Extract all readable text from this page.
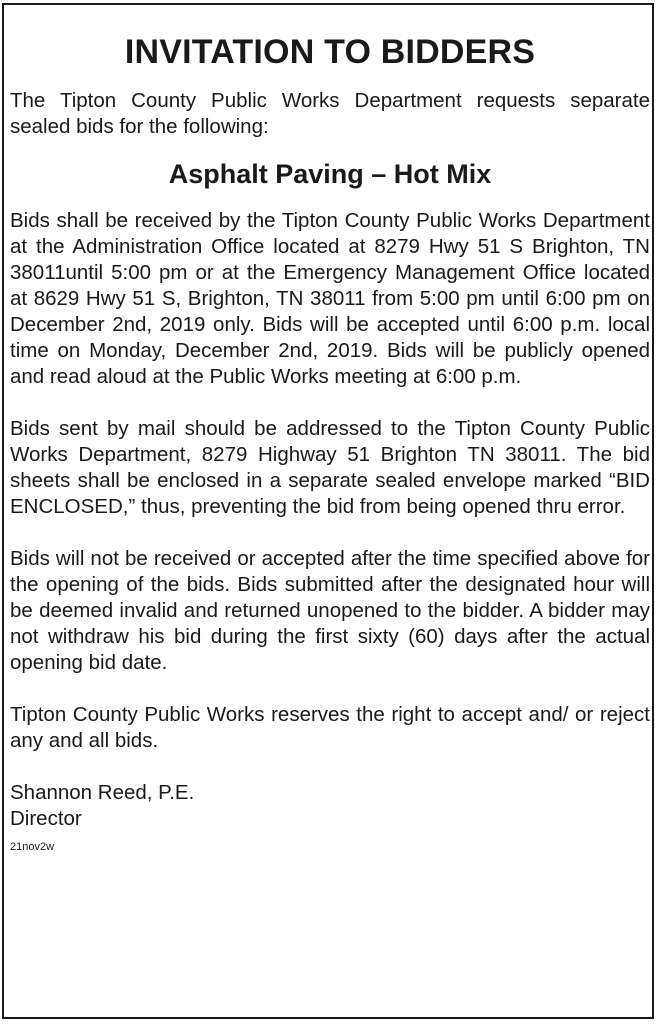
INVITATION TO BIDDERS

The Tipton County Public Works Department requests separate sealed bids for the following:

Asphalt Paving – Hot Mix

Bids shall be received by the Tipton County Public Works Department at the Administration Office located at 8279 Hwy 51 S Brighton, TN 38011until 5:00 pm or at the Emergency Management Office located at 8629 Hwy 51 S, Brighton, TN 38011 from 5:00 pm until 6:00 pm on December 2nd, 2019 only. Bids will be accepted until 6:00 p.m. local time on Monday, December 2nd, 2019. Bids will be publicly opened and read aloud at the Public Works meeting at 6:00 p.m.

Bids sent by mail should be addressed to the Tipton County Public Works Department, 8279 Highway 51 Brighton TN 38011. The bid sheets shall be enclosed in a separate sealed envelope marked “BID ENCLOSED,” thus, preventing the bid from being opened thru error.

Bids will not be received or accepted after the time specified above for the opening of the bids. Bids submitted after the designated hour will be deemed invalid and returned unopened to the bidder. A bidder may not withdraw his bid during the first sixty (60) days after the actual opening bid date.

Tipton County Public Works reserves the right to accept and/ or reject any and all bids.

Shannon Reed, P.E.
Director
21nov2w
